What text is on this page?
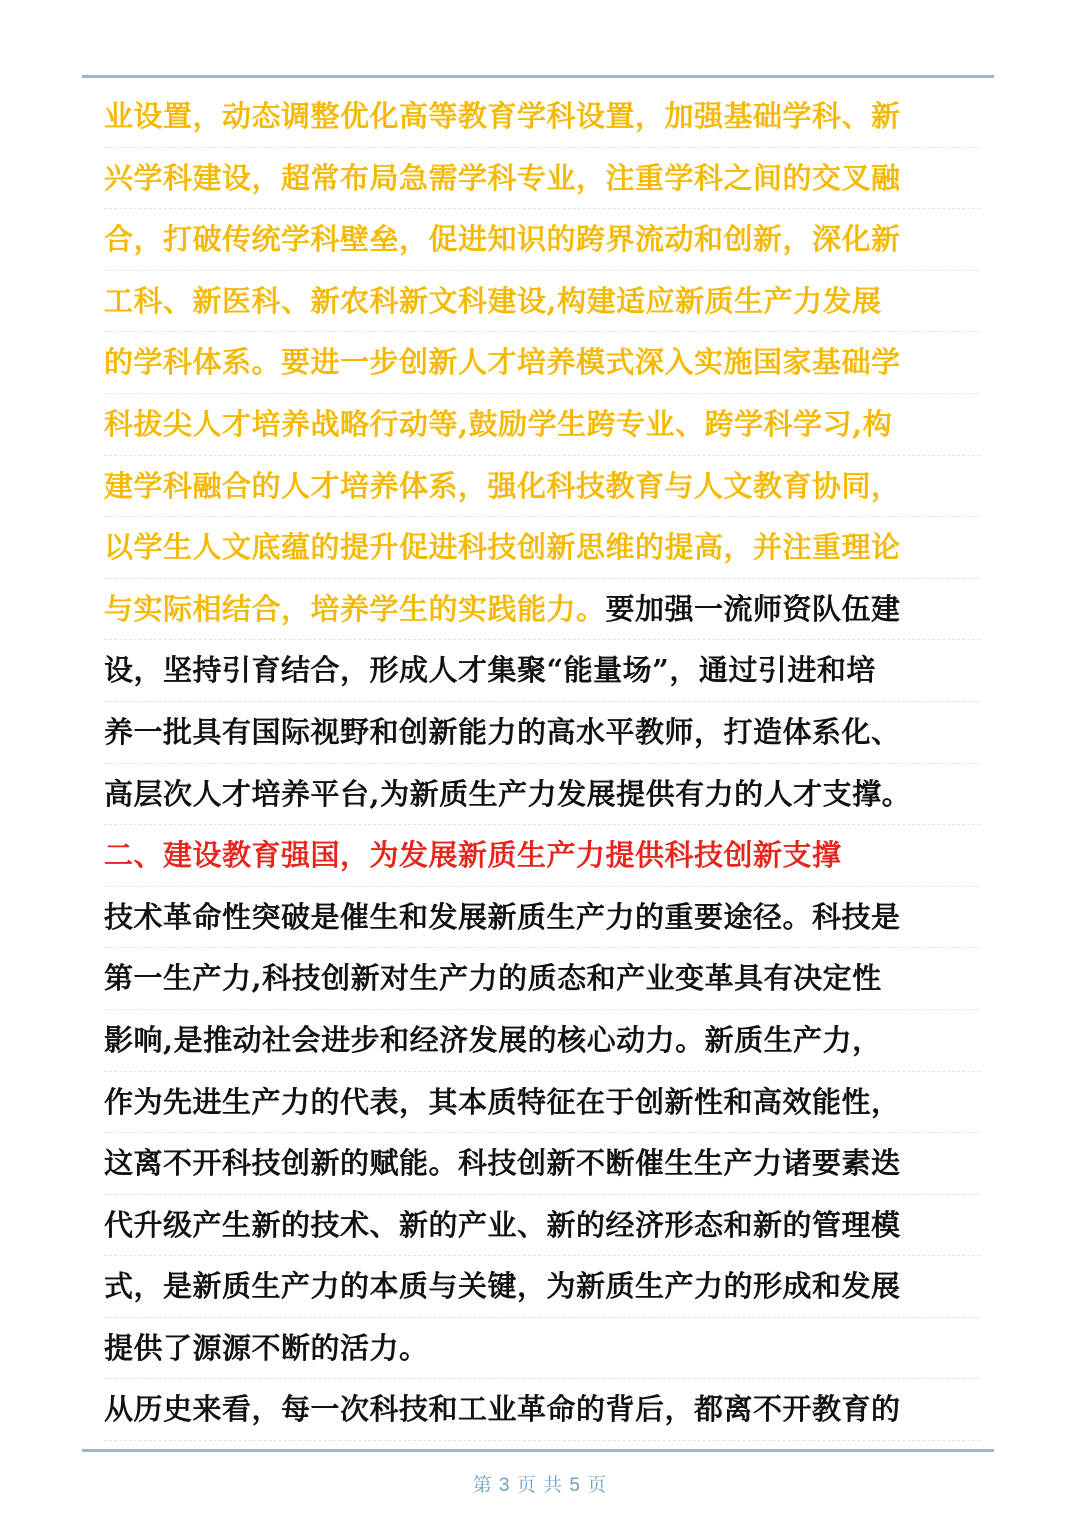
业设置，动态调整优化高等教育学科设置，加强基础学科、新
兴学科建设，超常布局急需学科专业，注重学科之间的交叉融
合，打破传统学科壁垒，促进知识的跨界流动和创新，深化新
工科、新医科、新农科新文科建设,构建适应新质生产力发展
的学科体系。要进一步创新人才培养模式深入实施国家基础学
科拔尖人才培养战略行动等,鼓励学生跨专业、跨学科学习,构
建学科融合的人才培养体系，强化科技教育与人文教育协同，
以学生人文底蕴的提升促进科技创新思维的提高，并注重理论
与实际相结合，培养学生的实践能力。要加强一流师资队伍建
设，坚持引育结合，形成人才集聚“能量场”，通过引进和培
养一批具有国际视野和创新能力的高水平教师，打造体系化、
高层次人才培养平台,为新质生产力发展提供有力的人才支撑。
二、建设教育强国，为发展新质生产力提供科技创新支撑
技术革命性突破是催生和发展新质生产力的重要途径。科技是
第一生产力,科技创新对生产力的质态和产业变革具有决定性
影响,是推动社会进步和经济发展的核心动力。新质生产力，
作为先进生产力的代表，其本质特征在于创新性和高效能性，
这离不开科技创新的赋能。科技创新不断催生生产力诸要素迭
代升级产生新的技术、新的产业、新的经济形态和新的管理模
式，是新质生产力的本质与关键，为新质生产力的形成和发展
提供了源源不断的活力。
从历史来看，每一次科技和工业革命的背后，都离不开教育的
第 3 页 共 5 页
